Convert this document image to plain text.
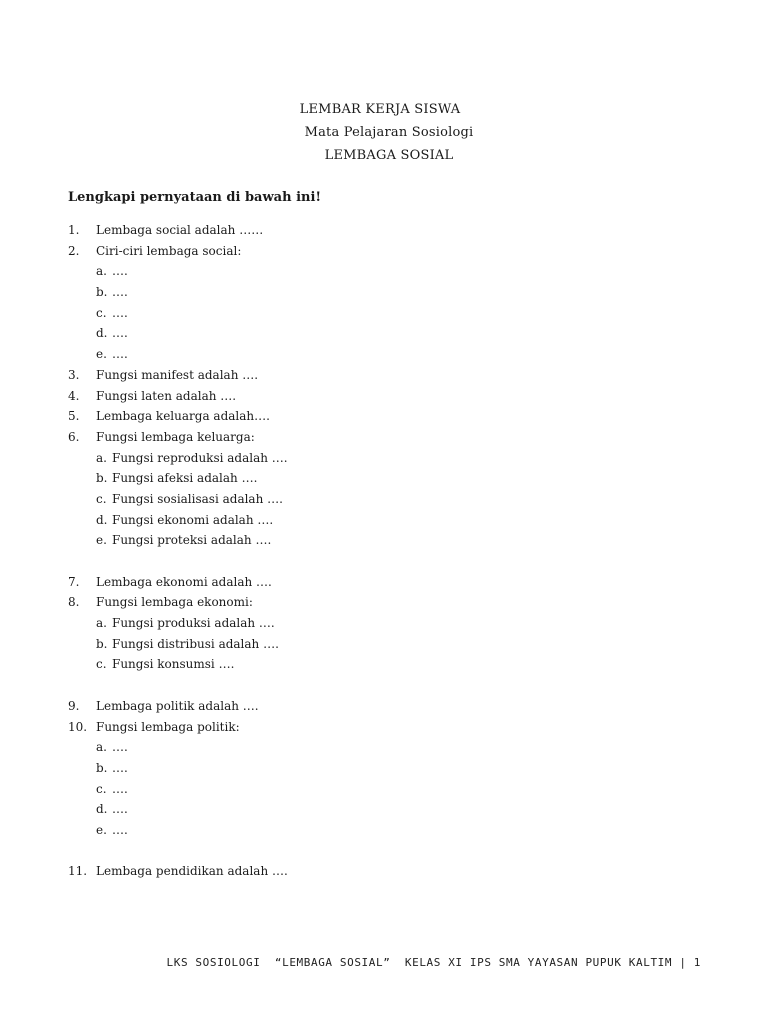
LEMBAR KERJA SISWA
Mata Pelajaran Sosiologi
LEMBAGA SOSIAL
Lengkapi pernyataan di bawah ini!
1.	Lembaga social adalah ……
2.	Ciri-ciri lembaga social:
a. ….
b. ….
c. ….
d. ….
e. ….
3.	Fungsi manifest adalah ….
4.	Fungsi laten adalah ….
5.	Lembaga keluarga adalah….
6.	Fungsi lembaga keluarga:
a. Fungsi reproduksi adalah ….
b. Fungsi afeksi adalah ….
c. Fungsi sosialisasi adalah ….
d. Fungsi ekonomi adalah ….
e. Fungsi proteksi adalah ….
7.	Lembaga ekonomi adalah ….
8.	Fungsi lembaga ekonomi:
a. Fungsi produksi adalah ….
b. Fungsi distribusi adalah ….
c. Fungsi konsumsi ….
9.	Lembaga politik adalah ….
10. Fungsi lembaga politik:
a. ….
b. ….
c. ….
d. ….
e. ….
11. Lembaga pendidikan adalah ….
LKS SOSIOLOGI  “LEMBAGA SOSIAL”  KELAS XI IPS SMA YAYASAN PUPUK KALTIM | 1
